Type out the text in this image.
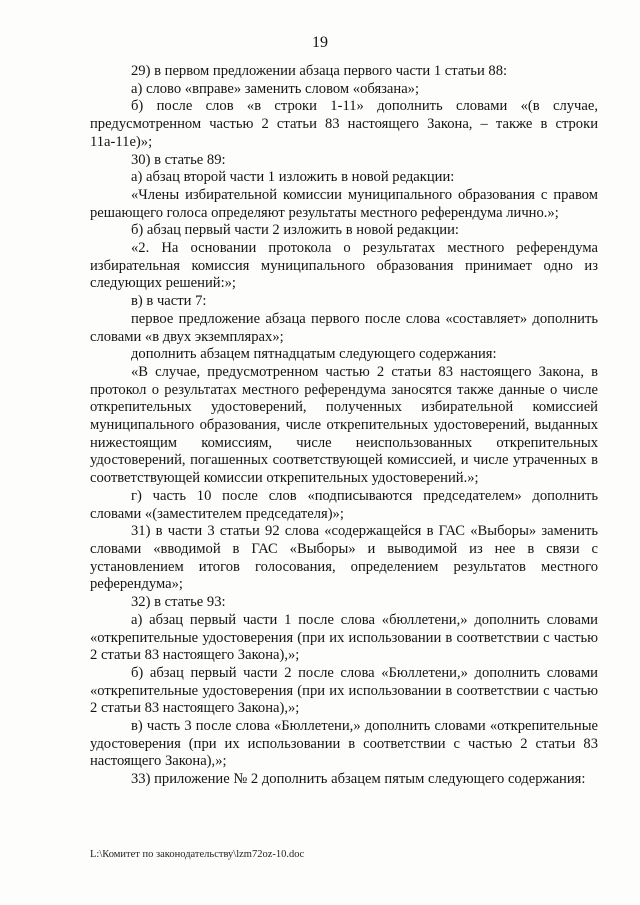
19

29) в первом предложении абзаца первого части 1 статьи 88:

а) слово «вправе» заменить словом «обязана»;

б) после слов «в строки 1-11» дополнить словами «(в случае, предусмотренном частью 2 статьи 83 настоящего Закона, – также в строки 11а-11е)»;

30) в статье 89:

а) абзац второй части 1 изложить в новой редакции:

«Члены избирательной комиссии муниципального образования с правом решающего голоса определяют результаты местного референдума лично.»;

б) абзац первый части 2 изложить в новой редакции:

«2. На основании протокола о результатах местного референдума избирательная комиссия муниципального образования принимает одно из следующих решений:»;

в) в части 7:

первое предложение абзаца первого после слова «составляет» дополнить словами «в двух экземплярах»;

дополнить абзацем пятнадцатым следующего содержания:

«В случае, предусмотренном частью 2 статьи 83 настоящего Закона, в протокол о результатах местного референдума заносятся также данные о числе открепительных удостоверений, полученных избирательной комиссией муниципального образования, числе открепительных удостоверений, выданных нижестоящим комиссиям, числе неиспользованных открепительных удостоверений, погашенных соответствующей комиссией, и числе утраченных в соответствующей комиссии открепительных удостоверений.»;

г) часть 10 после слов «подписываются председателем» дополнить словами «(заместителем председателя)»;

31) в части 3 статьи 92 слова «содержащейся в ГАС «Выборы» заменить словами «вводимой в ГАС «Выборы» и выводимой из нее в связи с установлением итогов голосования, определением результатов местного референдума»;

32) в статье 93:

а) абзац первый части 1 после слова «бюллетени,» дополнить словами «открепительные удостоверения (при их использовании в соответствии с частью 2 статьи 83 настоящего Закона),»;

б) абзац первый части 2 после слова «Бюллетени,» дополнить словами «открепительные удостоверения (при их использовании в соответствии с частью 2 статьи 83 настоящего Закона),»;

в) часть 3 после слова «Бюллетени,» дополнить словами «открепительные удостоверения (при их использовании в соответствии с частью 2 статьи 83 настоящего Закона),»;

33) приложение № 2 дополнить абзацем пятым следующего содержания:

L:\Комитет по законодательству\lzm72oz-10.doc
